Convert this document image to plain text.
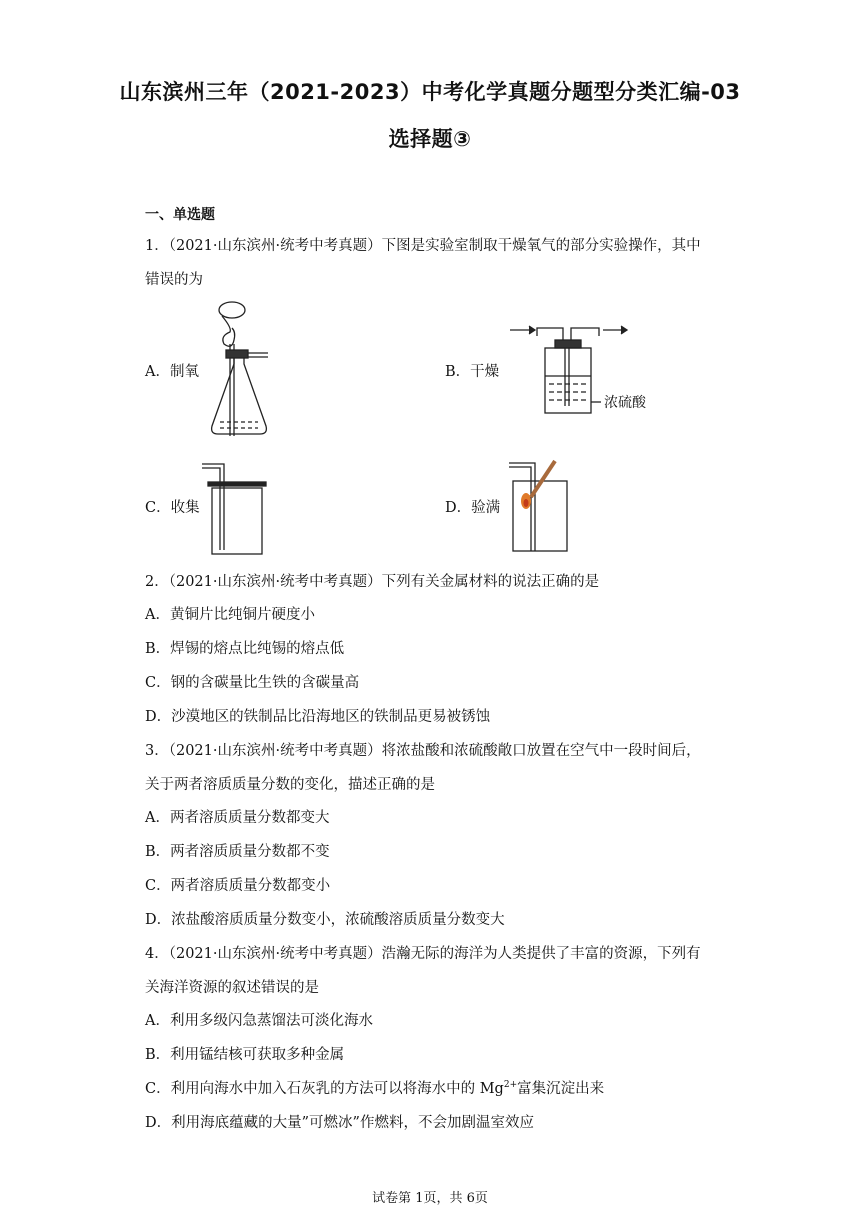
山东滨州三年（2021-2023）中考化学真题分题型分类汇编-03
选择题③
一、单选题
1．（2021·山东滨州·统考中考真题）下图是实验室制取干燥氧气的部分实验操作，其中
错误的为
A．制氧	B．干燥
C．收集	D．验满
浓硫酸
2．（2021·山东滨州·统考中考真题）下列有关金属材料的说法正确的是
A．黄铜片比纯铜片硬度小
B．焊锡的熔点比纯锡的熔点低
C．钢的含碳量比生铁的含碳量高
D．沙漠地区的铁制品比沿海地区的铁制品更易被锈蚀
3．（2021·山东滨州·统考中考真题）将浓盐酸和浓硫酸敞口放置在空气中一段时间后，
关于两者溶质质量分数的变化，描述正确的是
A．两者溶质质量分数都变大
B．两者溶质质量分数都不变
C．两者溶质质量分数都变小
D．浓盐酸溶质质量分数变小，浓硫酸溶质质量分数变大
4．（2021·山东滨州·统考中考真题）浩瀚无际的海洋为人类提供了丰富的资源，下列有
关海洋资源的叙述错误的是
A．利用多级闪急蒸馏法可淡化海水
B．利用锰结核可获取多种金属
C．利用向海水中加入石灰乳的方法可以将海水中的 $Mg^{2+}$富集沉淀出来
D．利用海底蕴藏的大量”可燃冰”作燃料，不会加剧温室效应
试卷第 1页，共 6页
